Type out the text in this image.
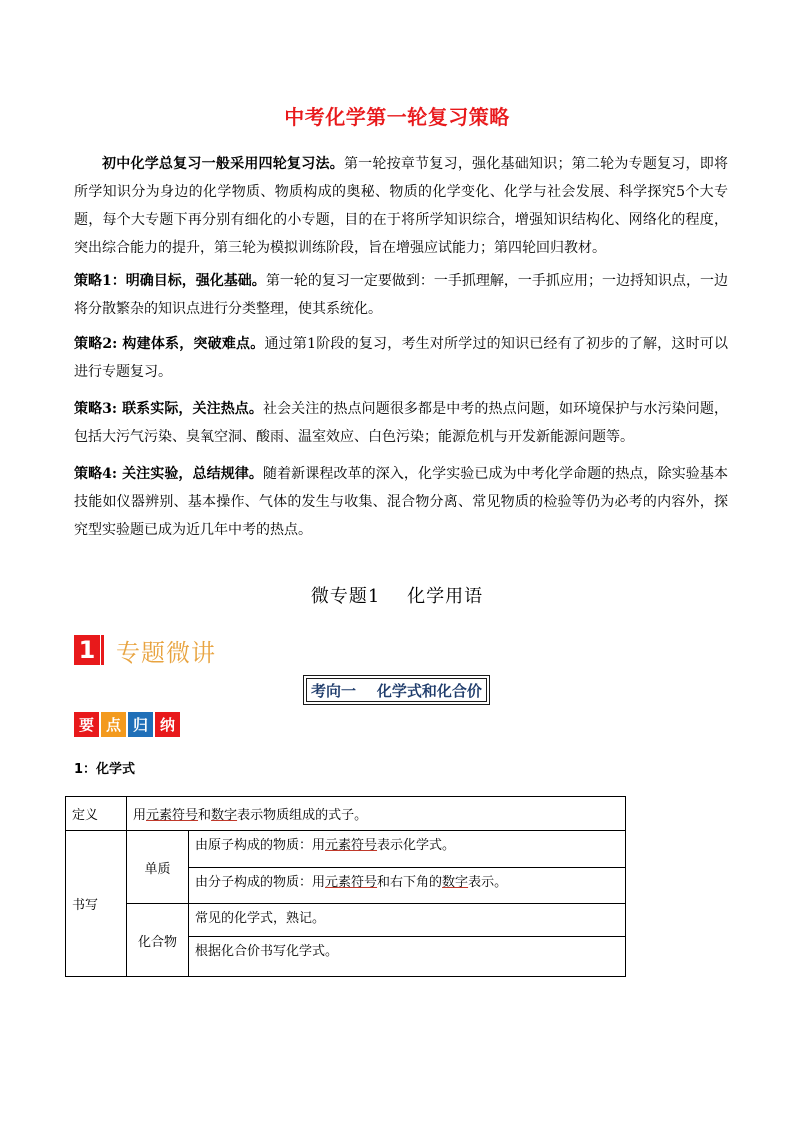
中考化学第一轮复习策略

初中化学总复习一般采用四轮复习法。第一轮按章节复习，强化基础知识；第二轮为专题复习，即将所学知识分为身边的化学物质、物质构成的奥秘、物质的化学变化、化学与社会发展、科学探究5个大专题，每个大专题下再分别有细化的小专题，目的在于将所学知识综合，增强知识结构化、网络化的程度，突出综合能力的提升，第三轮为模拟训练阶段，旨在增强应试能力；第四轮回归教材。

策略1：明确目标，强化基础。第一轮的复习一定要做到：一手抓理解，一手抓应用；一边捋知识点，一边将分散繁杂的知识点进行分类整理，使其系统化。

策略2: 构建体系，突破难点。通过第1阶段的复习，考生对所学过的知识已经有了初步的了解，这时可以进行专题复习。

策略3: 联系实际，关注热点。社会关注的热点问题很多都是中考的热点问题，如环境保护与水污染问题，包括大污气污染、臭氧空洞、酸雨、温室效应、白色污染；能源危机与开发新能源问题等。

策略4: 关注实验，总结规律。随着新课程改革的深入，化学实验已成为中考化学命题的热点，除实验基本技能如仪器辨别、基本操作、气体的发生与收集、混合物分离、常见物质的检验等仍为必考的内容外，探究型实验题已成为近几年中考的热点。

微专题1    化学用语
1 专题微讲
考向一    化学式和化合价
要 点 归 纳
1：化学式
定义	用元素符号和数字表示物质组成的式子。	
书写	单质	由原子构成的物质：用元素符号表示化学式。
		由分子构成的物质：用元素符号和右下角的数字表示。
	化合物	常见的化学式，熟记。
		根据化合价书写化学式。
